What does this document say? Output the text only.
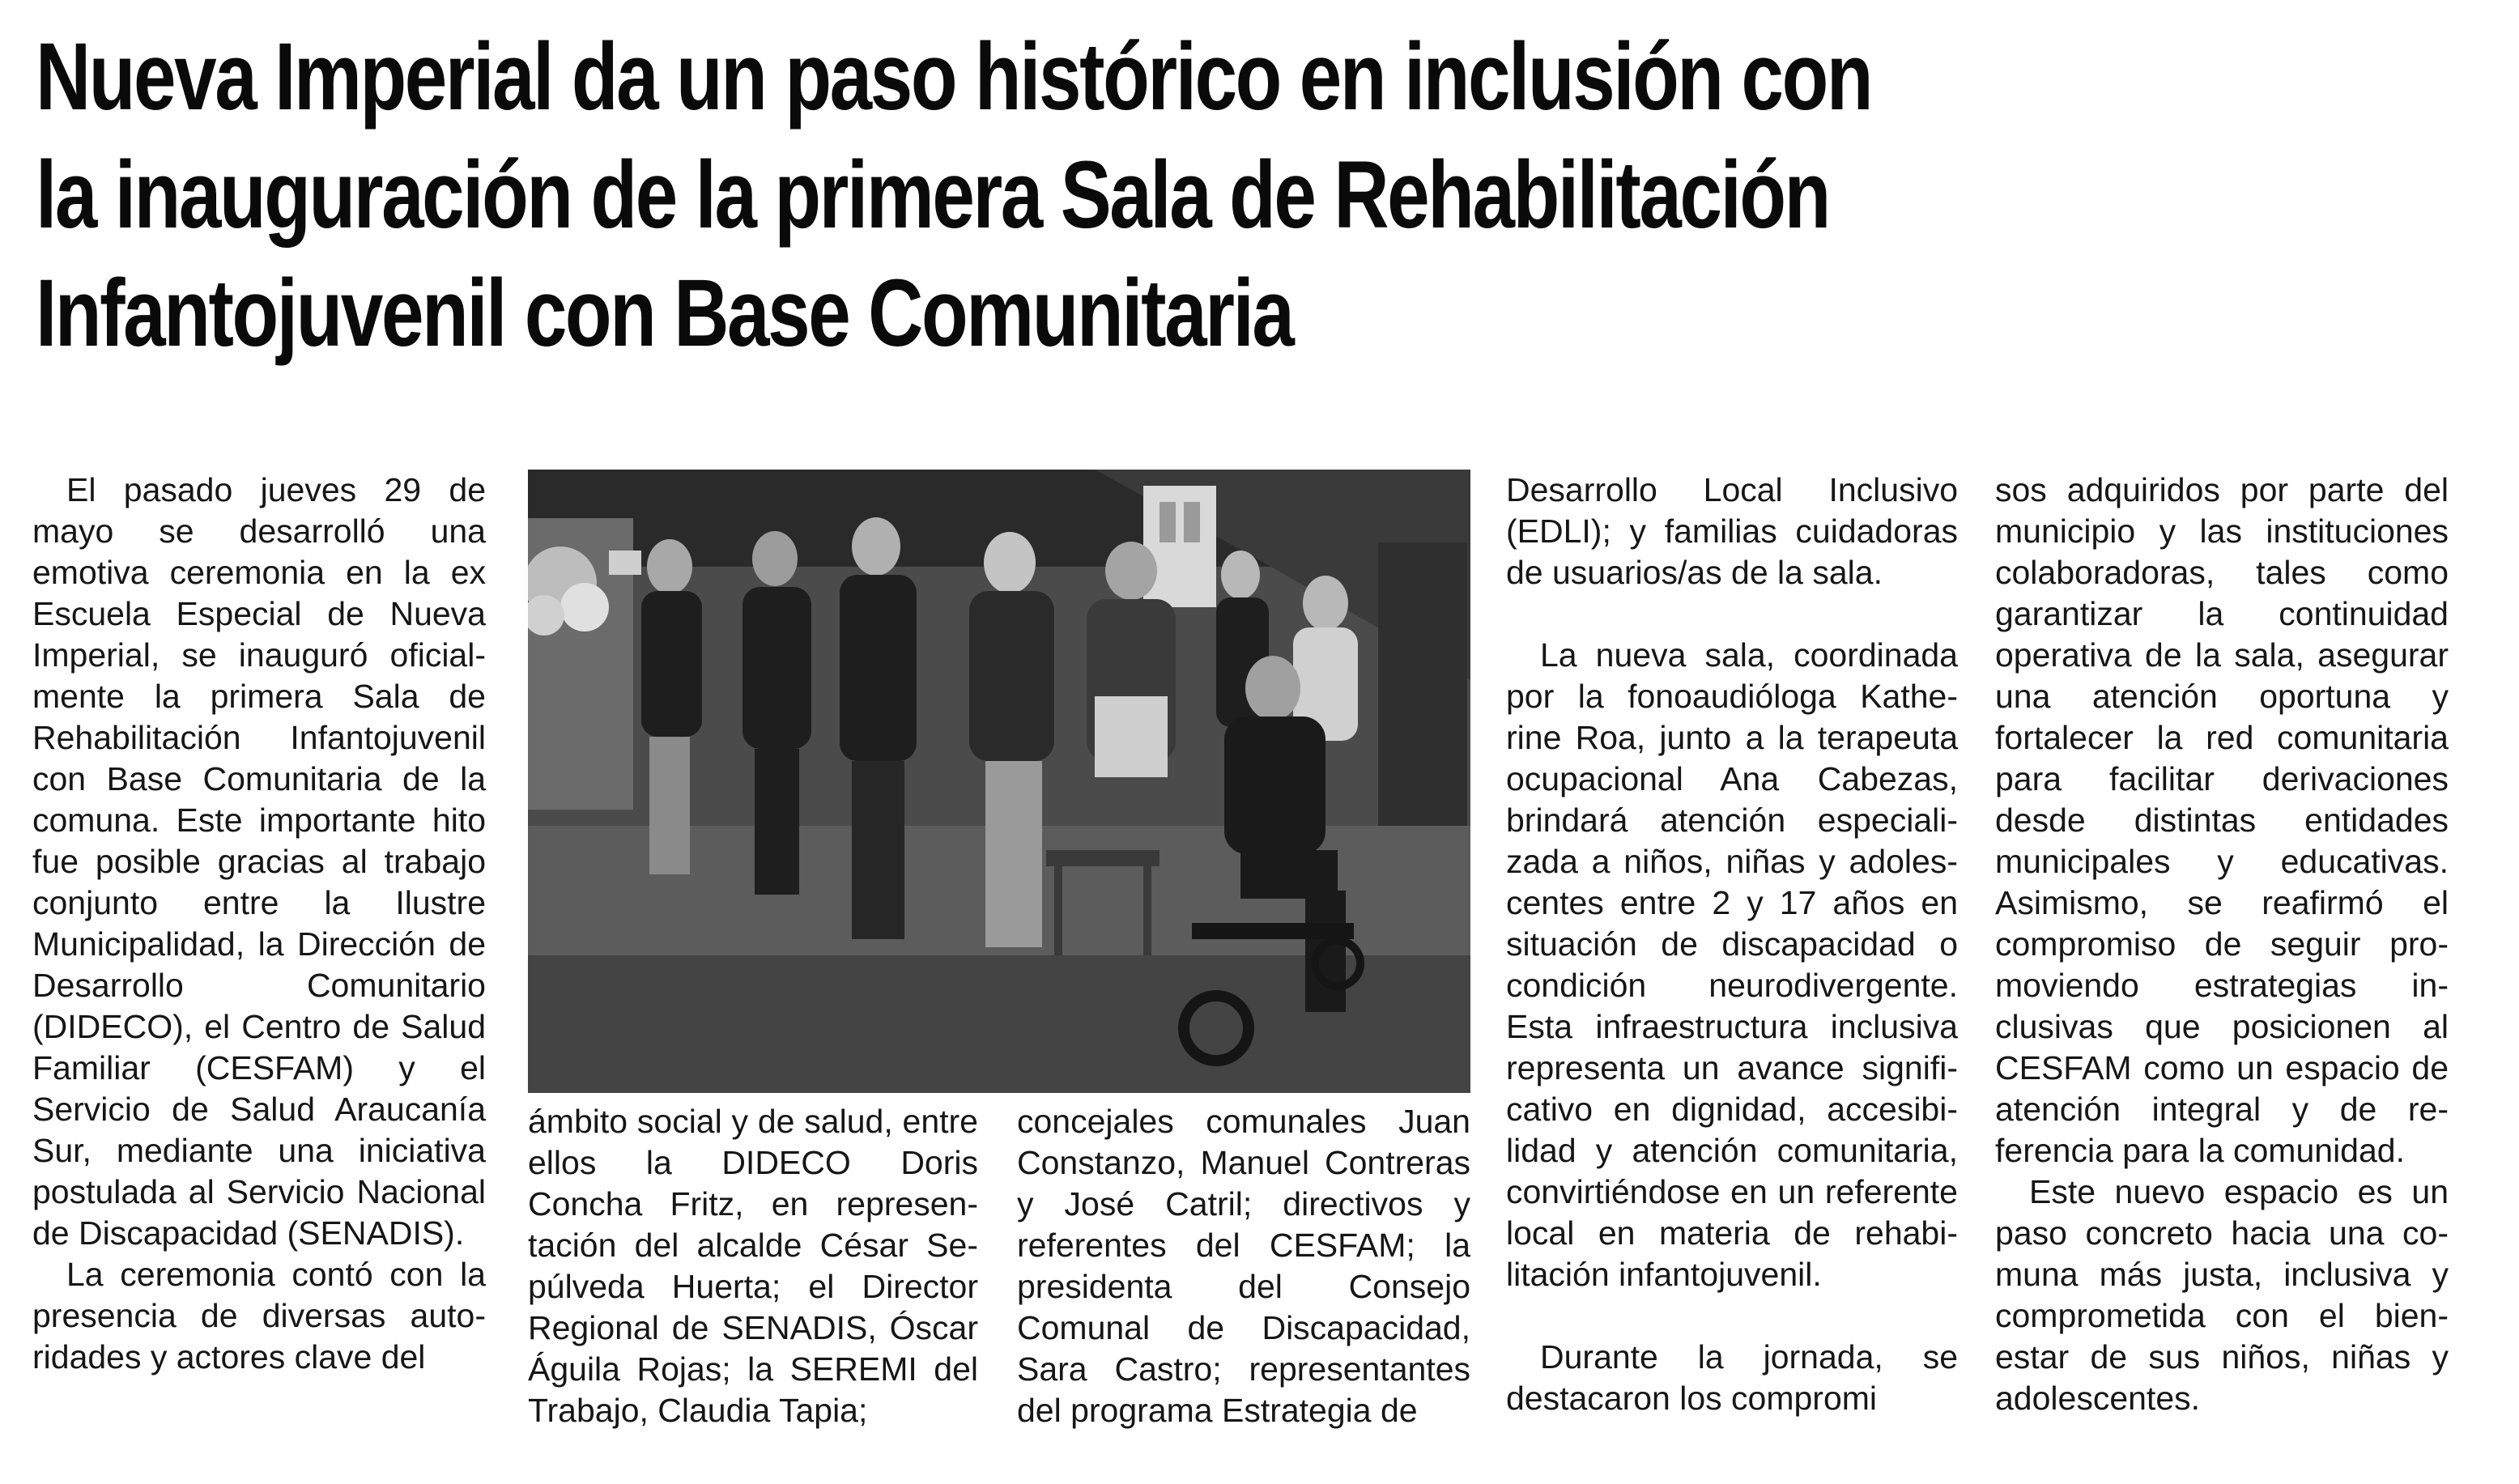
Nueva Imperial da un paso histórico en inclusión con
la inauguración de la primera Sala de Rehabilitación
Infantojuvenil con Base Comunitaria

El pasado jueves 29 de mayo se desarrolló una emotiva ceremonia en la ex Escuela Especial de Nueva Imperial, se inauguró oficialmente la primera Sala de Rehabilitación Infantojuvenil con Base Comunitaria de la comuna. Este importante hito fue posible gracias al trabajo conjunto entre la Ilustre Municipalidad, la Dirección de Desarrollo Comunitario (DIDECO), el Centro de Salud Familiar (CESFAM) y el Servicio de Salud Araucanía Sur, mediante una iniciativa postulada al Servicio Nacional de Discapacidad (SENADIS).

La ceremonia contó con la presencia de diversas autoridades y actores clave del

ámbito social y de salud, entre ellos la DIDECO Doris Concha Fritz, en representación del alcalde César Sepúlveda Huerta; el Director Regional de SENADIS, Óscar Águila Rojas; la SEREMI del Trabajo, Claudia Tapia;

concejales comunales Juan Constanzo, Manuel Contreras y José Catril; directivos y referentes del CESFAM; la presidenta del Consejo Comunal de Discapacidad, Sara Castro; representantes del programa Estrategia de

Desarrollo Local Inclusivo (EDLI); y familias cuidadoras de usuarios/as de la sala.

La nueva sala, coordinada por la fonoaudióloga Katherine Roa, junto a la terapeuta ocupacional Ana Cabezas, brindará atención especializada a niños, niñas y adolescentes entre 2 y 17 años en situación de discapacidad o condición neurodivergente. Esta infraestructura inclusiva representa un avance significativo en dignidad, accesibilidad y atención comunitaria, convirtiéndose en un referente local en materia de rehabilitación infantojuvenil.

Durante la jornada, se destacaron los compromi

sos adquiridos por parte del municipio y las instituciones colaboradoras, tales como garantizar la continuidad operativa de la sala, asegurar una atención oportuna y fortalecer la red comunitaria para facilitar derivaciones desde distintas entidades municipales y educativas. Asimismo, se reafirmó el compromiso de seguir promoviendo estrategias inclusivas que posicionen al CESFAM como un espacio de atención integral y de referencia para la comunidad.

Este nuevo espacio es un paso concreto hacia una comuna más justa, inclusiva y comprometida con el bienestar de sus niños, niñas y adolescentes.
